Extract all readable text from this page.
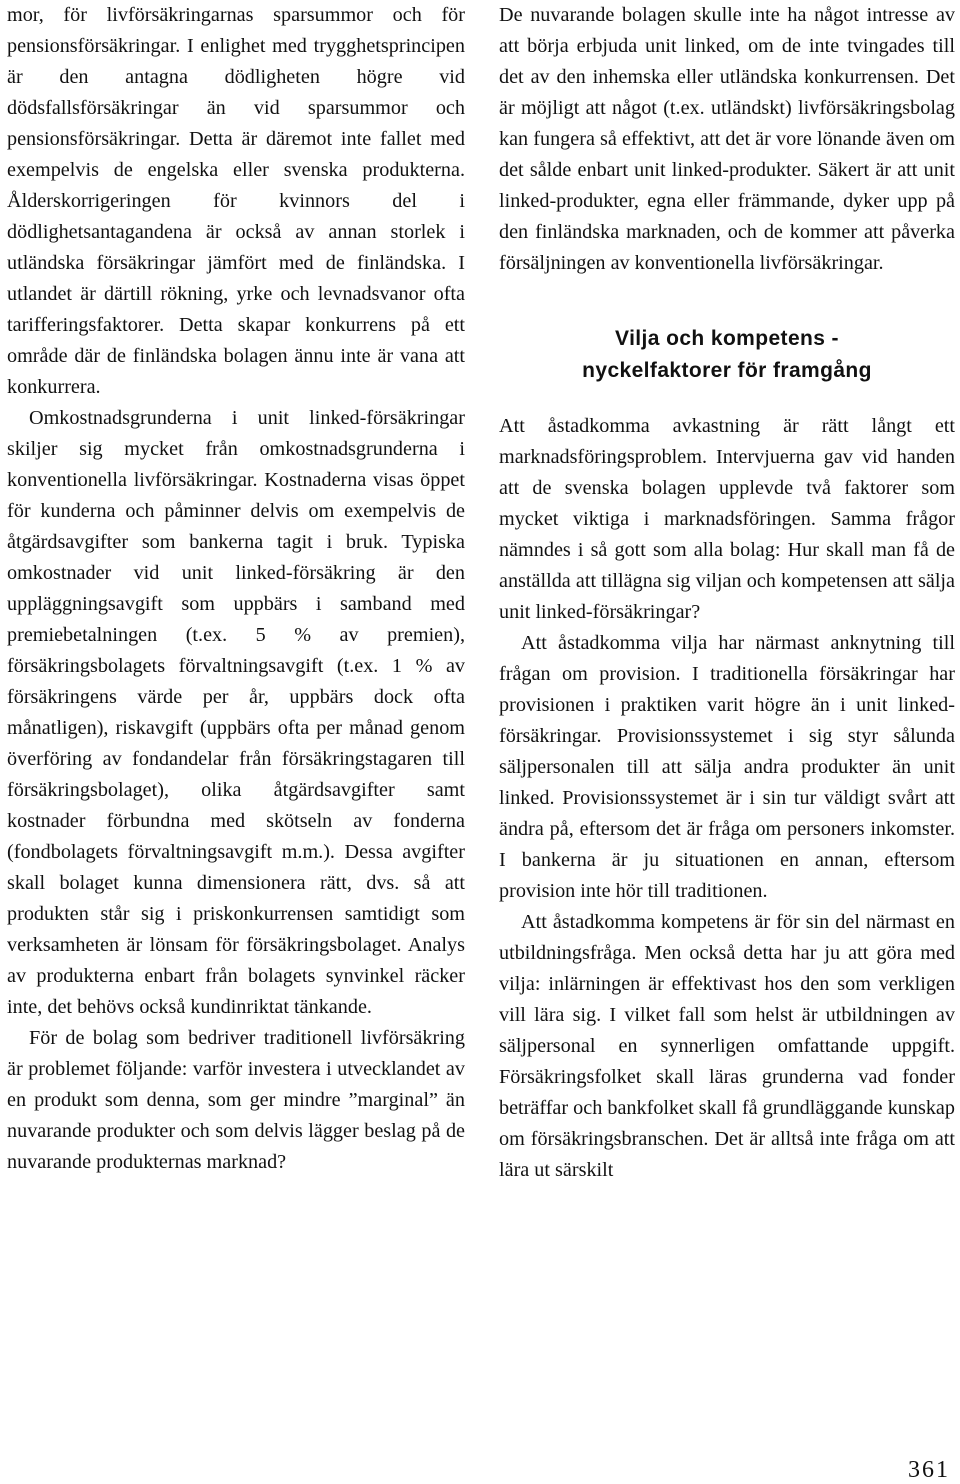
mor, för livförsäkringarnas sparsummor och för pensionsförsäkringar. I enlighet med trygghetsprincipen är den antagna dödligheten högre vid dödsfallsförsäkringar än vid sparsummor och pensionsförsäkringar. Detta är däremot inte fallet med exempelvis de engelska eller svenska produkterna. Ålderskorrigeringen för kvinnors del i dödlighetsantagandena är också av annan storlek i utländska försäkringar jämfört med de finländska. I utlandet är därtill rökning, yrke och levnadsvanor ofta tarifferingsfaktorer. Detta skapar konkurrens på ett område där de finländska bolagen ännu inte är vana att konkurrera.

Omkostnadsgrunderna i unit linked-försäkringar skiljer sig mycket från omkostnadsgrunderna i konventionella livförsäkringar. Kostnaderna visas öppet för kunderna och påminner delvis om exempelvis de åtgärdsavgifter som bankerna tagit i bruk. Typiska omkostnader vid unit linked-försäkring är den uppläggningsavgift som uppbärs i samband med premiebetalningen (t.ex. 5 % av premien), försäkringsbolagets förvaltningsavgift (t.ex. 1 % av försäkringens värde per år, uppbärs dock ofta månatligen), riskavgift (uppbärs ofta per månad genom överföring av fondandelar från försäkringstagaren till försäkringsbolaget), olika åtgärdsavgifter samt kostnader förbundna med skötseln av fonderna (fondbolagets förvaltningsavgift m.m.). Dessa avgifter skall bolaget kunna dimensionera rätt, dvs. så att produkten står sig i priskonkurrensen samtidigt som verksamheten är lönsam för försäkringsbolaget. Analys av produkterna enbart från bolagets synvinkel räcker inte, det behövs också kundinriktat tänkande.

För de bolag som bedriver traditionell livförsäkring är problemet följande: varför investera i utvecklandet av en produkt som denna, som ger mindre ”marginal” än nuvarande produkter och som delvis lägger beslag på de nuvarande produkternas marknad?

De nuvarande bolagen skulle inte ha något intresse av att börja erbjuda unit linked, om de inte tvingades till det av den inhemska eller utländska konkurrensen. Det är möjligt att något (t.ex. utländskt) livförsäkringsbolag kan fungera så effektivt, att det är vore lönande även om det sålde enbart unit linked-produkter. Säkert är att unit linked-produkter, egna eller främmande, dyker upp på den finländska marknaden, och de kommer att påverka försäljningen av konventionella livförsäkringar.

Vilja och kompetens -
nyckelfaktorer för framgång

Att åstadkomma avkastning är rätt långt ett marknadsföringsproblem. Intervjuerna gav vid handen att de svenska bolagen upplevde två faktorer som mycket viktiga i marknadsföringen. Samma frågor nämndes i så gott som alla bolag: Hur skall man få de anställda att tillägna sig viljan och kompetensen att sälja unit linked-försäkringar?

Att åstadkomma vilja har närmast anknytning till frågan om provision. I traditionella försäkringar har provisionen i praktiken varit högre än i unit linked-försäkringar. Provisionssystemet i sig styr sålunda säljpersonalen till att sälja andra produkter än unit linked. Provisionssystemet är i sin tur väldigt svårt att ändra på, eftersom det är fråga om personers inkomster. I bankerna är ju situationen en annan, eftersom provision inte hör till traditionen.

Att åstadkomma kompetens är för sin del närmast en utbildningsfråga. Men också detta har ju att göra med vilja: inlärningen är effektivast hos den som verkligen vill lära sig. I vilket fall som helst är utbildningen av säljpersonal en synnerligen omfattande uppgift. Försäkringsfolket skall läras grunderna vad fonder beträffar och bankfolket skall få grundläggande kunskap om försäkringsbranschen. Det är alltså inte fråga om att lära ut särskilt

361
